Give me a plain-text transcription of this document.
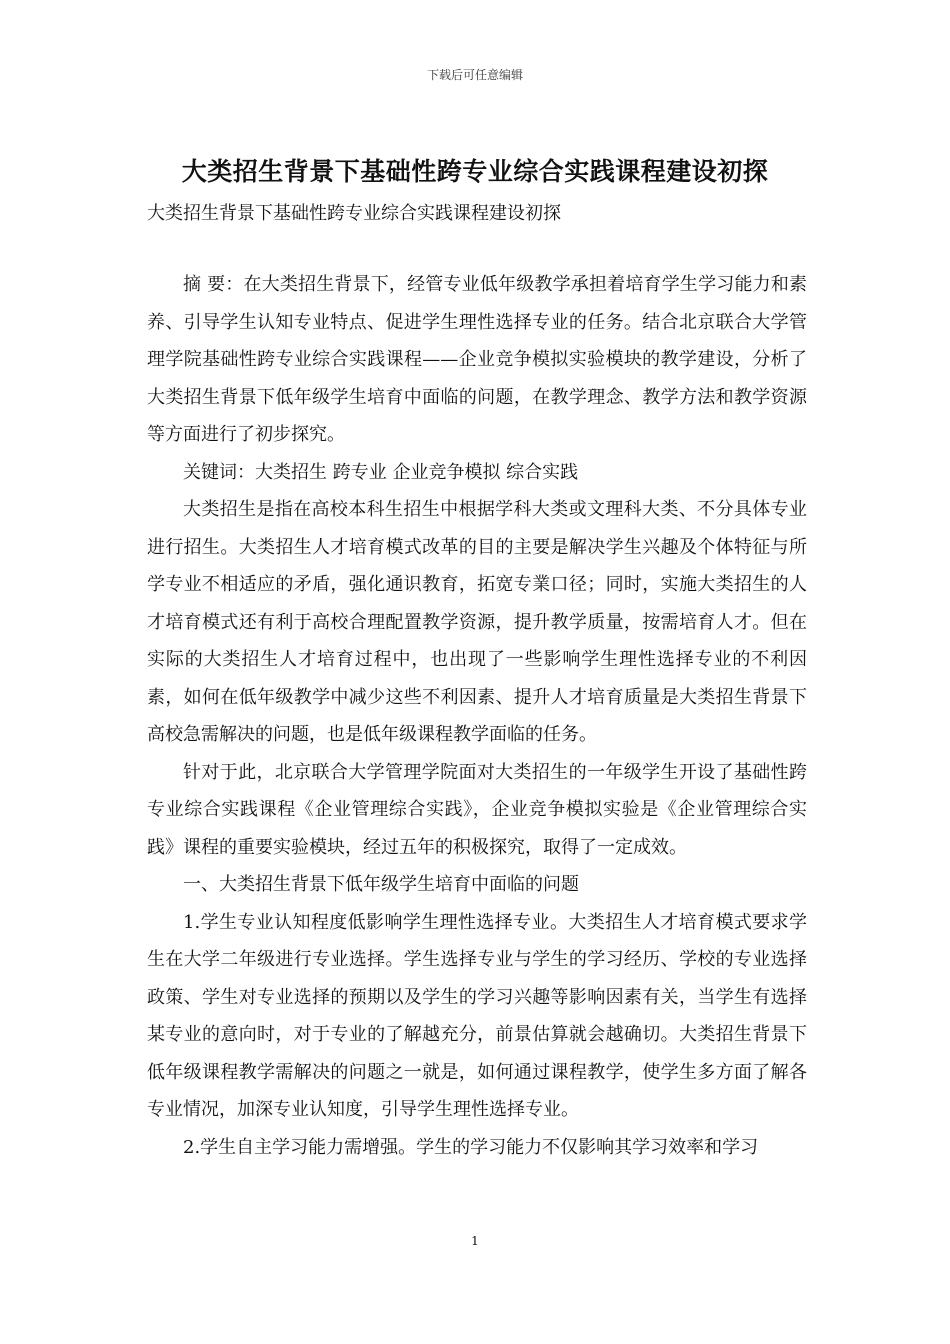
下载后可任意编辑
大类招生背景下基础性跨专业综合实践课程建设初探
大类招生背景下基础性跨专业综合实践课程建设初探

摘 要：在大类招生背景下，经管专业低年级教学承担着培育学生学习能力和素养、引导学生认知专业特点、促进学生理性选择专业的任务。结合北京联合大学管理学院基础性跨专业综合实践课程——企业竞争模拟实验模块的教学建设，分析了大类招生背景下低年级学生培育中面临的问题，在教学理念、教学方法和教学资源等方面进行了初步探究。

关键词：大类招生 跨专业 企业竞争模拟 综合实践

大类招生是指在高校本科生招生中根据学科大类或文理科大类、不分具体专业进行招生。大类招生人才培育模式改革的目的主要是解决学生兴趣及个体特征与所学专业不相适应的矛盾，强化通识教育，拓宽专業口径；同时，实施大类招生的人才培育模式还有利于高校合理配置教学资源，提升教学质量，按需培育人才。但在实际的大类招生人才培育过程中，也出现了一些影响学生理性选择专业的不利因素，如何在低年级教学中减少这些不利因素、提升人才培育质量是大类招生背景下高校急需解决的问题，也是低年级课程教学面临的任务。

针对于此，北京联合大学管理学院面对大类招生的一年级学生开设了基础性跨专业综合实践课程《企业管理综合实践》，企业竞争模拟实验是《企业管理综合实践》课程的重要实验模块，经过五年的积极探究，取得了一定成效。

一、大类招生背景下低年级学生培育中面临的问题

1.学生专业认知程度低影响学生理性选择专业。大类招生人才培育模式要求学生在大学二年级进行专业选择。学生选择专业与学生的学习经历、学校的专业选择政策、学生对专业选择的预期以及学生的学习兴趣等影响因素有关，当学生有选择某专业的意向时，对于专业的了解越充分，前景估算就会越确切。大类招生背景下低年级课程教学需解决的问题之一就是，如何通过课程教学，使学生多方面了解各专业情况，加深专业认知度，引导学生理性选择专业。

2.学生自主学习能力需增强。学生的学习能力不仅影响其学习效率和学习

1
